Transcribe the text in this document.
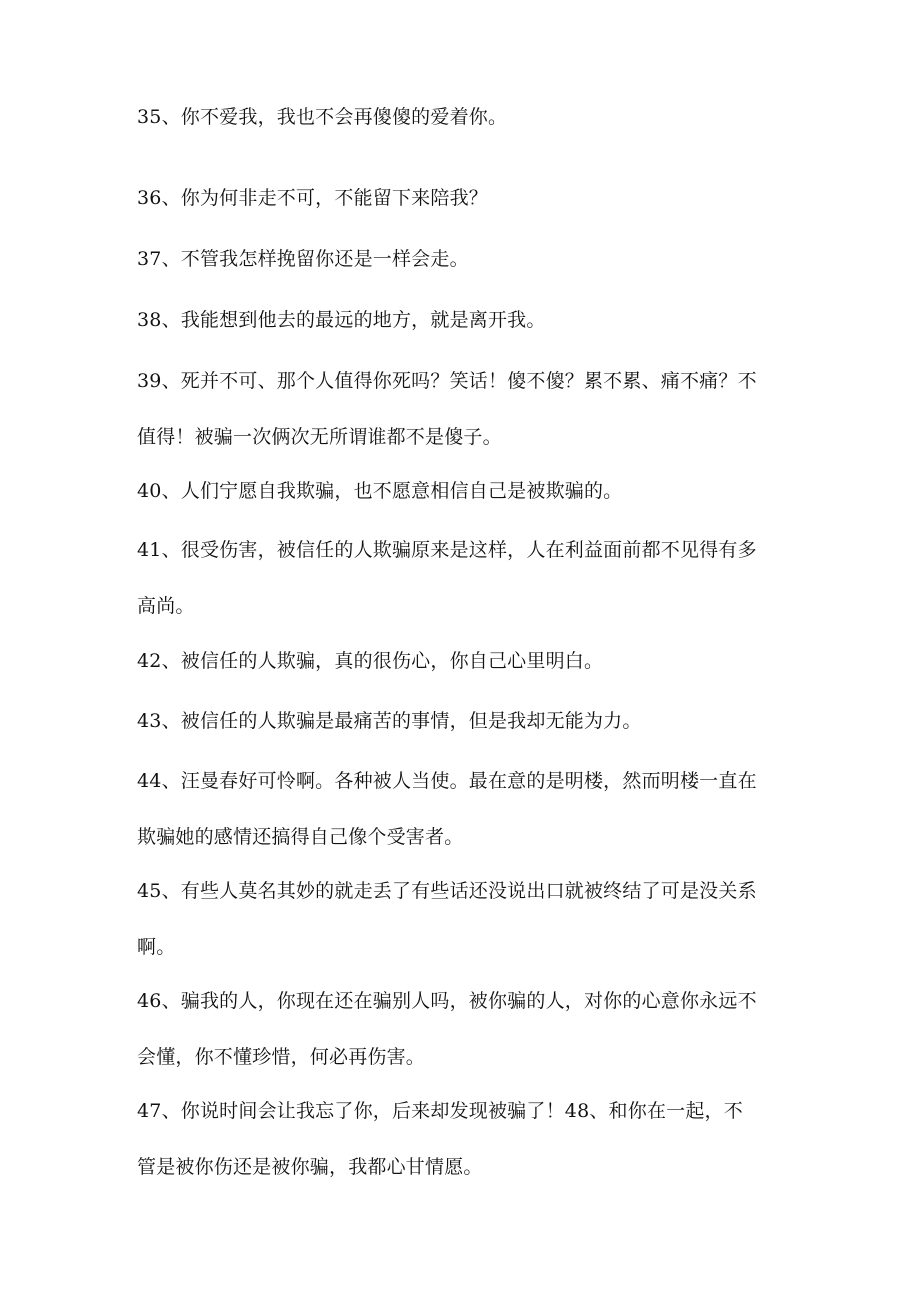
35、你不爱我，我也不会再傻傻的爱着你。

36、你为何非走不可，不能留下来陪我？

37、不管我怎样挽留你还是一样会走。

38、我能想到他去的最远的地方，就是离开我。

39、死并不可、那个人值得你死吗？笑话！傻不傻？累不累、痛不痛？不
值得！被骗一次俩次无所谓谁都不是傻子。

40、人们宁愿自我欺骗，也不愿意相信自己是被欺骗的。

41、很受伤害，被信任的人欺骗原来是这样，人在利益面前都不见得有多
高尚。

42、被信任的人欺骗，真的很伤心，你自己心里明白。

43、被信任的人欺骗是最痛苦的事情，但是我却无能为力。

44、汪曼春好可怜啊。各种被人当使。最在意的是明楼，然而明楼一直在
欺骗她的感情还搞得自己像个受害者。

45、有些人莫名其妙的就走丢了有些话还没说出口就被终结了可是没关系
啊。

46、骗我的人，你现在还在骗别人吗，被你骗的人，对你的心意你永远不
会懂，你不懂珍惜，何必再伤害。

47、你说时间会让我忘了你，后来却发现被骗了！48、和你在一起，不
管是被你伤还是被你骗，我都心甘情愿。
